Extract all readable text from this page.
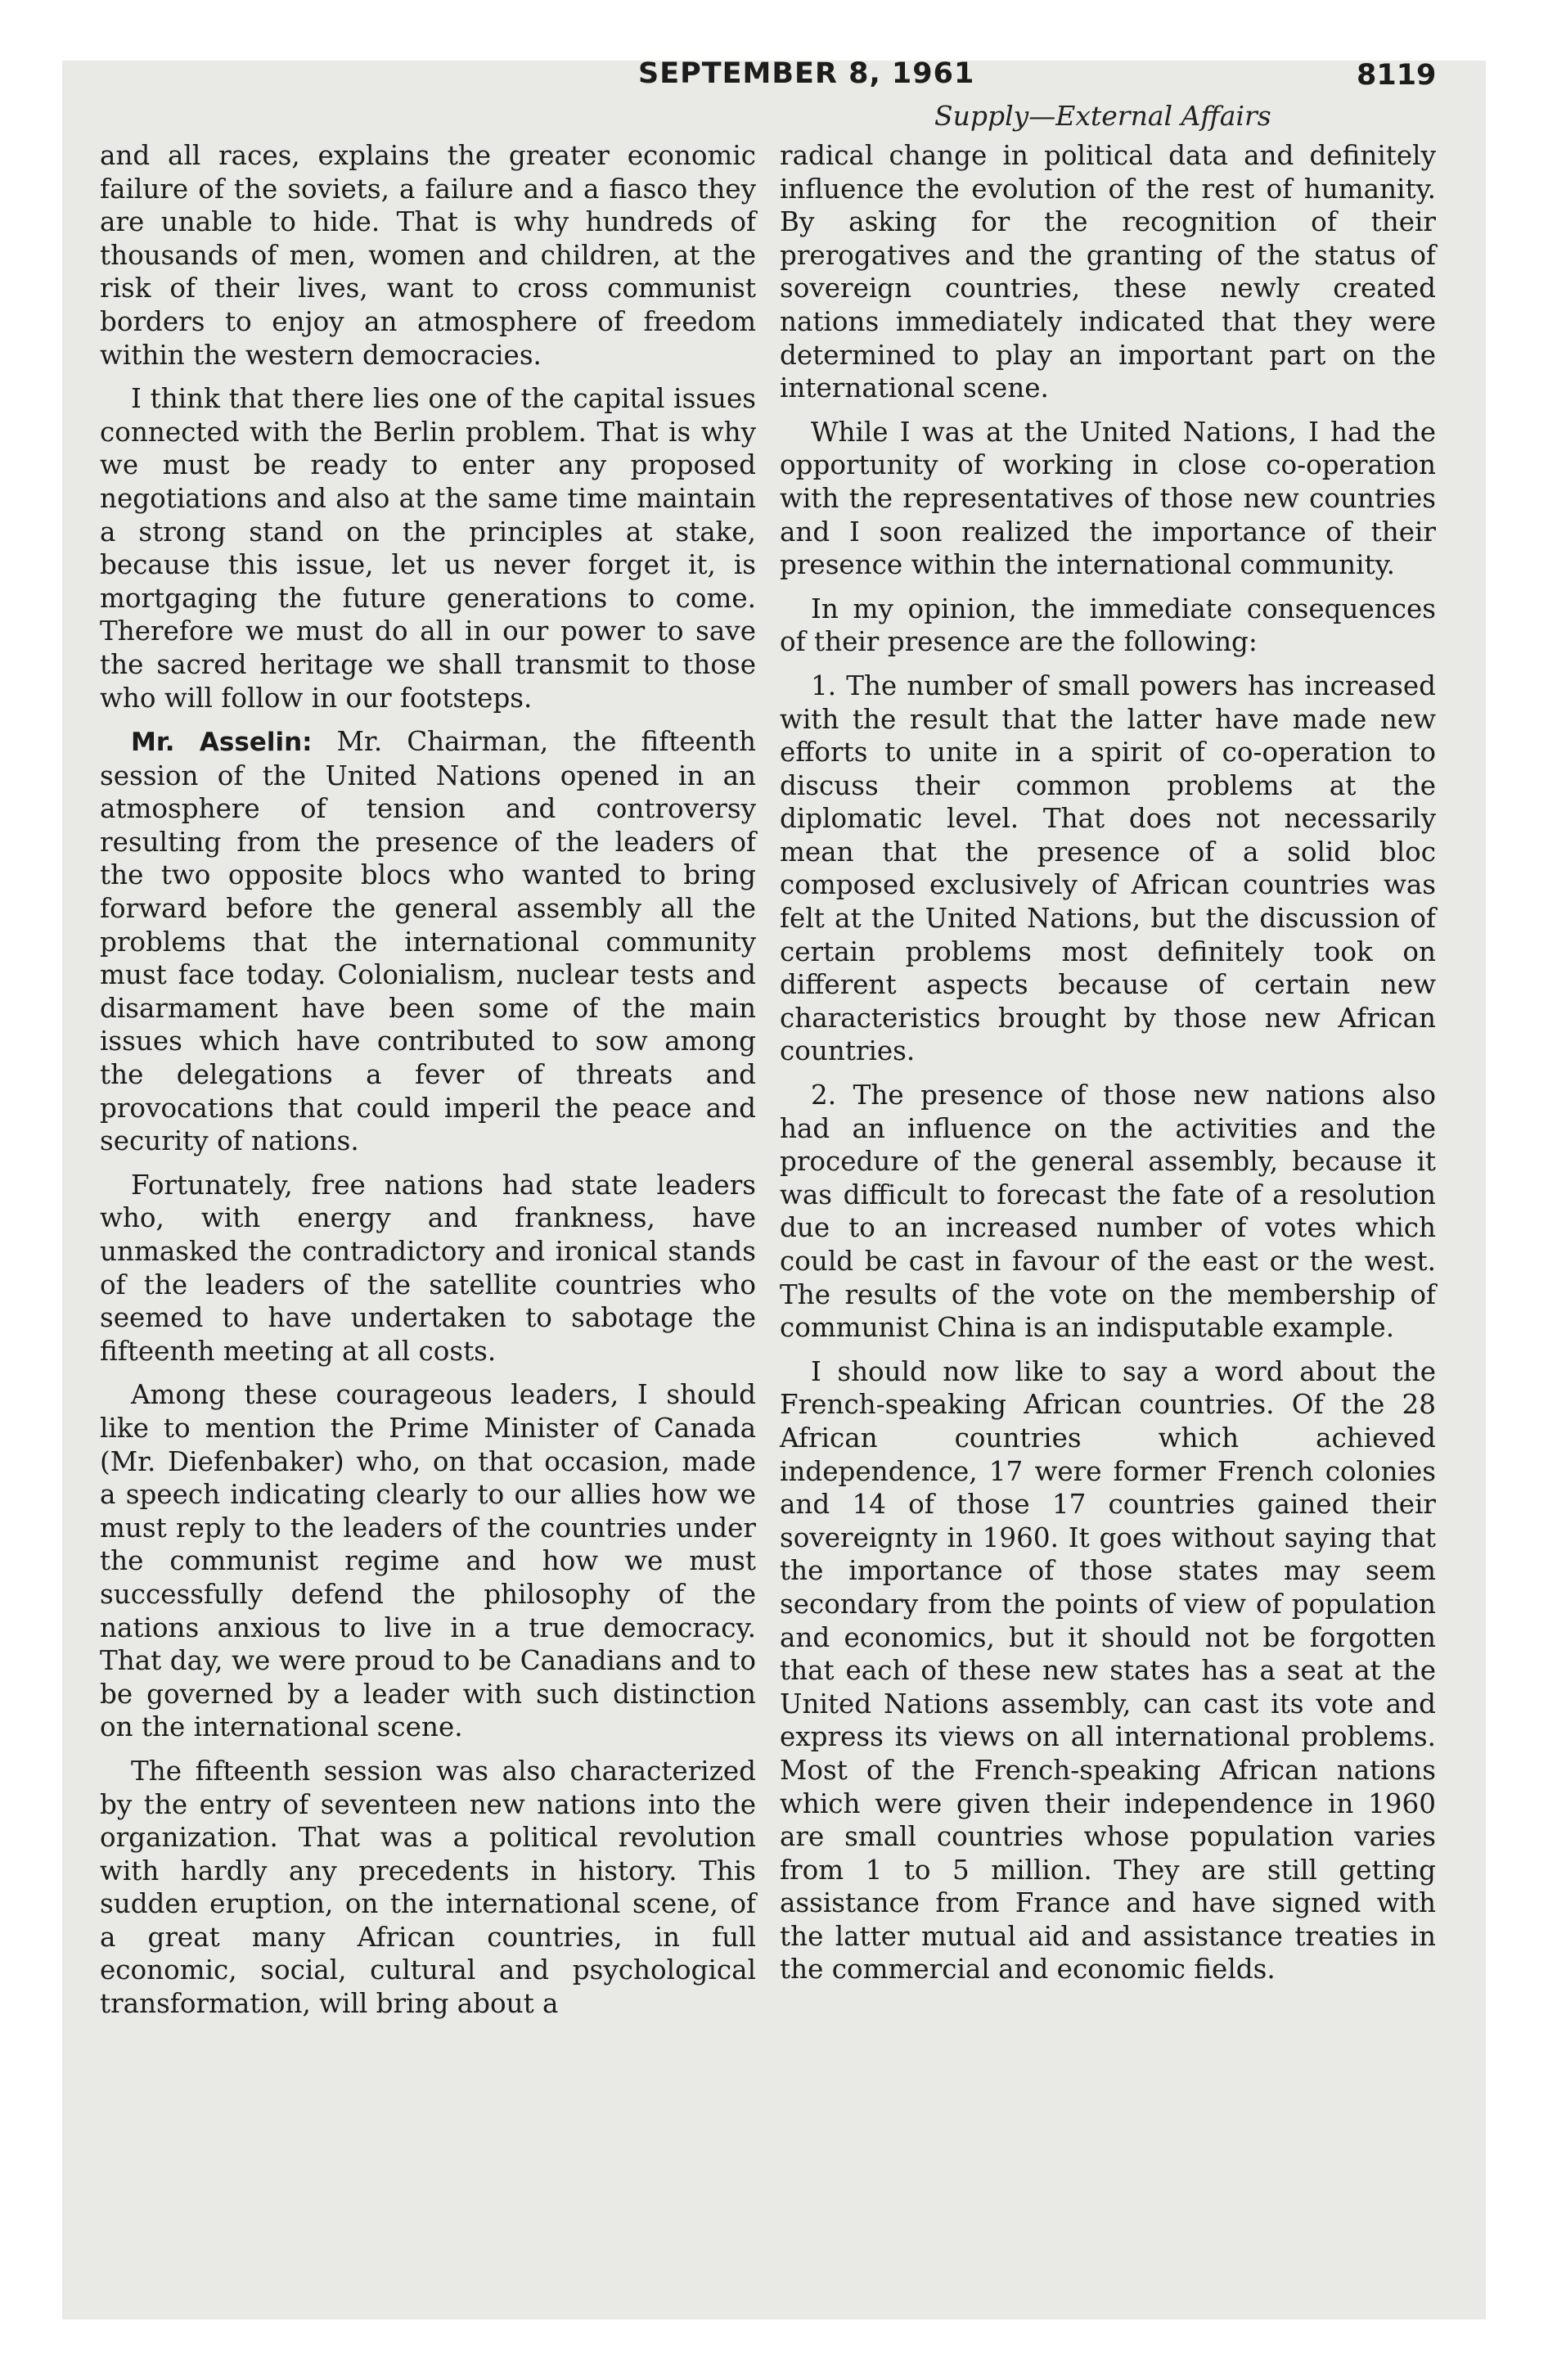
SEPTEMBER 8, 1961	8119
Supply—External Affairs

and all races, explains the greater economic failure of the soviets, a failure and a fiasco they are unable to hide. That is why hundreds of thousands of men, women and children, at the risk of their lives, want to cross communist borders to enjoy an atmosphere of freedom within the western democracies.

I think that there lies one of the capital issues connected with the Berlin problem. That is why we must be ready to enter any proposed negotiations and also at the same time maintain a strong stand on the principles at stake, because this issue, let us never forget it, is mortgaging the future generations to come. Therefore we must do all in our power to save the sacred heritage we shall transmit to those who will follow in our footsteps.

Mr. Asselin: Mr. Chairman, the fifteenth session of the United Nations opened in an atmosphere of tension and controversy resulting from the presence of the leaders of the two opposite blocs who wanted to bring forward before the general assembly all the problems that the international community must face today. Colonialism, nuclear tests and disarmament have been some of the main issues which have contributed to sow among the delegations a fever of threats and provocations that could imperil the peace and security of nations.

Fortunately, free nations had state leaders who, with energy and frankness, have unmasked the contradictory and ironical stands of the leaders of the satellite countries who seemed to have undertaken to sabotage the fifteenth meeting at all costs.

Among these courageous leaders, I should like to mention the Prime Minister of Canada (Mr. Diefenbaker) who, on that occasion, made a speech indicating clearly to our allies how we must reply to the leaders of the countries under the communist regime and how we must successfully defend the philosophy of the nations anxious to live in a true democracy. That day, we were proud to be Canadians and to be governed by a leader with such distinction on the international scene.

The fifteenth session was also characterized by the entry of seventeen new nations into the organization. That was a political revolution with hardly any precedents in history. This sudden eruption, on the international scene, of a great many African countries, in full economic, social, cultural and psychological transformation, will bring about a

radical change in political data and definitely influence the evolution of the rest of humanity. By asking for the recognition of their prerogatives and the granting of the status of sovereign countries, these newly created nations immediately indicated that they were determined to play an important part on the international scene.

While I was at the United Nations, I had the opportunity of working in close co-operation with the representatives of those new countries and I soon realized the importance of their presence within the international community.

In my opinion, the immediate consequences of their presence are the following:

1. The number of small powers has increased with the result that the latter have made new efforts to unite in a spirit of co-operation to discuss their common problems at the diplomatic level. That does not necessarily mean that the presence of a solid bloc composed exclusively of African countries was felt at the United Nations, but the discussion of certain problems most definitely took on different aspects because of certain new characteristics brought by those new African countries.

2. The presence of those new nations also had an influence on the activities and the procedure of the general assembly, because it was difficult to forecast the fate of a resolution due to an increased number of votes which could be cast in favour of the east or the west. The results of the vote on the membership of communist China is an indisputable example.

I should now like to say a word about the French-speaking African countries. Of the 28 African countries which achieved independence, 17 were former French colonies and 14 of those 17 countries gained their sovereignty in 1960. It goes without saying that the importance of those states may seem secondary from the points of view of population and economics, but it should not be forgotten that each of these new states has a seat at the United Nations assembly, can cast its vote and express its views on all international problems. Most of the French-speaking African nations which were given their independence in 1960 are small countries whose population varies from 1 to 5 million. They are still getting assistance from France and have signed with the latter mutual aid and assistance treaties in the commercial and economic fields.
